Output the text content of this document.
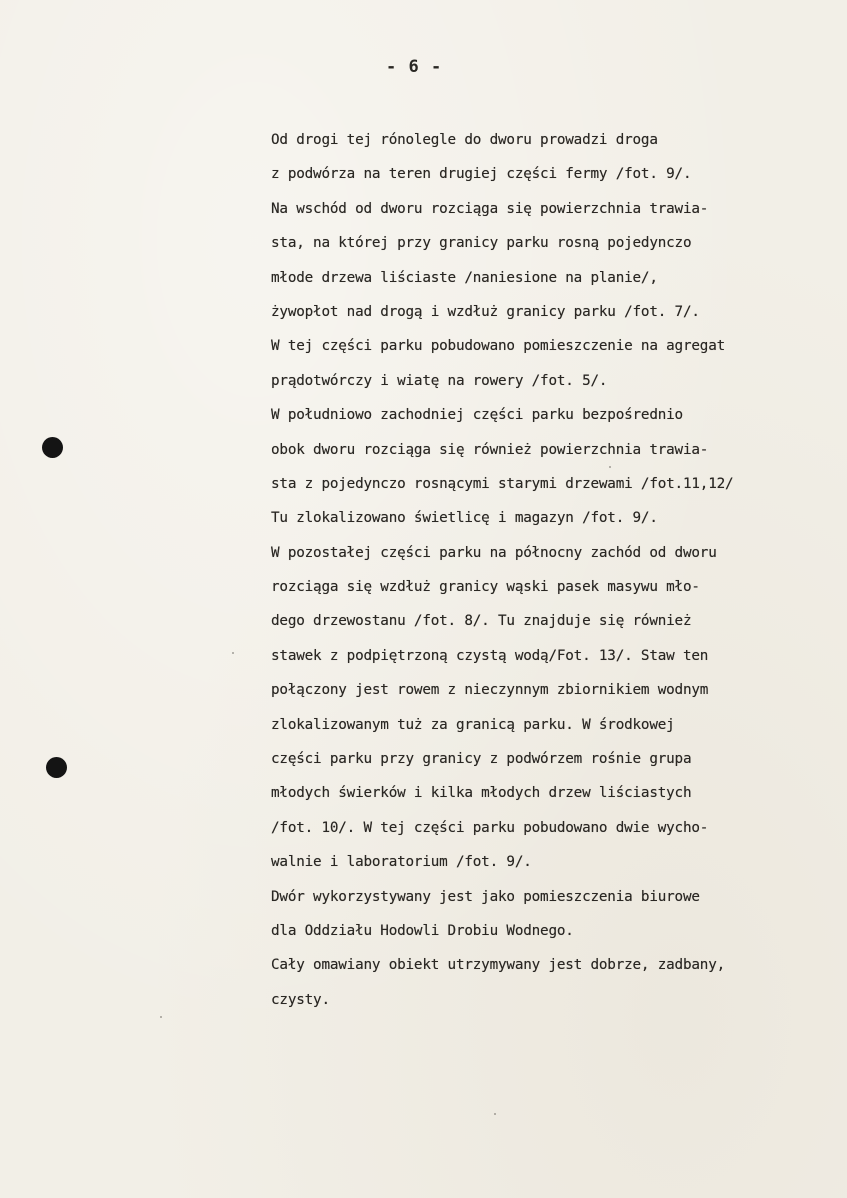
- 6 -
Od drogi tej rónolegle do dworu prowadzi droga
z podwórza na teren drugiej części fermy /fot. 9/.
Na wschód od dworu rozciąga się powierzchnia trawia-
sta, na której przy granicy parku rosną pojedynczo
młode drzewa liściaste /naniesione na planie/,
żywopłot nad drogą i wzdłuż granicy parku /fot. 7/.
W tej części parku pobudowano pomieszczenie na agregat
prądotwórczy i wiatę na rowery /fot. 5/.
W południowo zachodniej części parku bezpośrednio
obok dworu rozciąga się również powierzchnia trawia-
sta z pojedynczo rosnącymi starymi drzewami /fot.11,12/
Tu zlokalizowano świetlicę i magazyn /fot. 9/.
W pozostałej części parku na północny zachód od dworu
rozciąga się wzdłuż granicy wąski pasek masywu mło-
dego drzewostanu /fot. 8/. Tu znajduje się również
stawek z podpiętrzoną czystą wodą/Fot. 13/. Staw ten
połączony jest rowem z nieczynnym zbiornikiem wodnym
zlokalizowanym tuż za granicą parku. W środkowej
części parku przy granicy z podwórzem rośnie grupa
młodych świerków i kilka młodych drzew liściastych
/fot. 10/. W tej części parku pobudowano dwie wycho-
walnie i laboratorium /fot. 9/.
Dwór wykorzystywany jest jako pomieszczenia biurowe
dla Oddziału Hodowli Drobiu Wodnego.
Cały omawiany obiekt utrzymywany jest dobrze, zadbany,
czysty.
